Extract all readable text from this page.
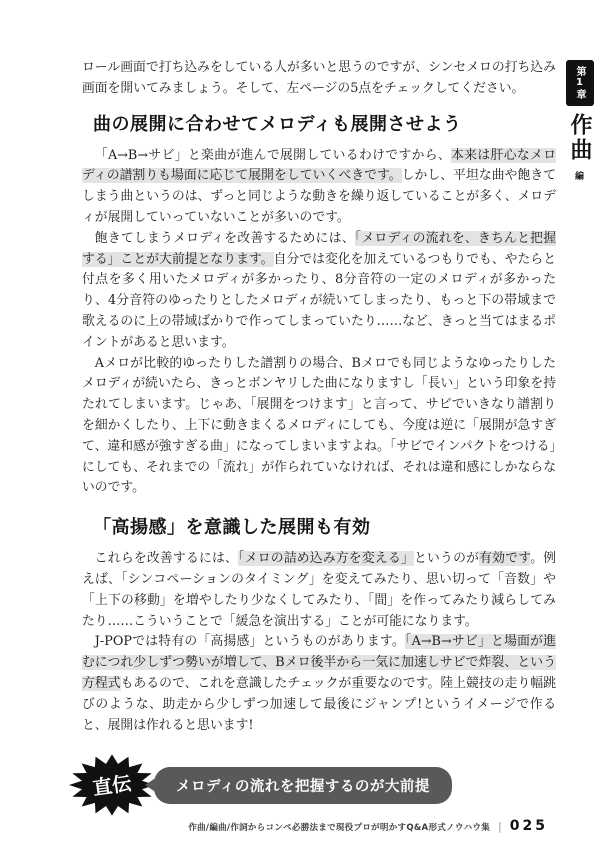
ロール画面で打ち込みをしている人が多いと思うのですが、シンセメロの打ち込み画面を開いてみましょう。そして、左ページの5点をチェックしてください。

曲の展開に合わせてメロディも展開させよう

「A→B→サビ」と楽曲が進んで展開しているわけですから、本来は肝心なメロディの譜割りも場面に応じて展開をしていくべきです。しかし、平坦な曲や飽きてしまう曲というのは、ずっと同じような動きを繰り返していることが多く、メロディが展開していっていないことが多いのです。

飽きてしまうメロディを改善するためには、「メロディの流れを、きちんと把握する」ことが大前提となります。自分では変化を加えているつもりでも、やたらと付点を多く用いたメロディが多かったり、8分音符の一定のメロディが多かったり、4分音符のゆったりとしたメロディが続いてしまったり、もっと下の帯域まで歌えるのに上の帯域ばかりで作ってしまっていたり……など、きっと当てはまるポイントがあると思います。

Aメロが比較的ゆったりした譜割りの場合、Bメロでも同じようなゆったりしたメロディが続いたら、きっとボンヤリした曲になりますし「長い」という印象を持たれてしまいます。じゃあ、「展開をつけます」と言って、サビでいきなり譜割りを細かくしたり、上下に動きまくるメロディにしても、今度は逆に「展開が急すぎて、違和感が強すぎる曲」になってしまいますよね。「サビでインパクトをつける」にしても、それまでの「流れ」が作られていなければ、それは違和感にしかならないのです。

「高揚感」を意識した展開も有効

これらを改善するには、「メロの詰め込み方を変える」というのが有効です。例えば、「シンコペーションのタイミング」を変えてみたり、思い切って「音数」や「上下の移動」を増やしたり少なくしてみたり、「間」を作ってみたり減らしてみたり……こういうことで「緩急を演出する」ことが可能になります。

J-POPでは特有の「高揚感」というものがあります。「A→B→サビ」と場面が進むにつれ少しずつ勢いが増して、Bメロ後半から一気に加速しサビで炸裂、という方程式もあるので、これを意識したチェックが重要なのです。陸上競技の走り幅跳びのような、助走から少しずつ加速して最後にジャンプ!というイメージで作ると、展開は作れると思います!

第1章
作曲
編
直伝	メロディの流れを把握するのが大前提
作曲/編曲/作詞からコンペ必勝法まで現役プロが明かすQ&A形式ノウハウ集 | 025
